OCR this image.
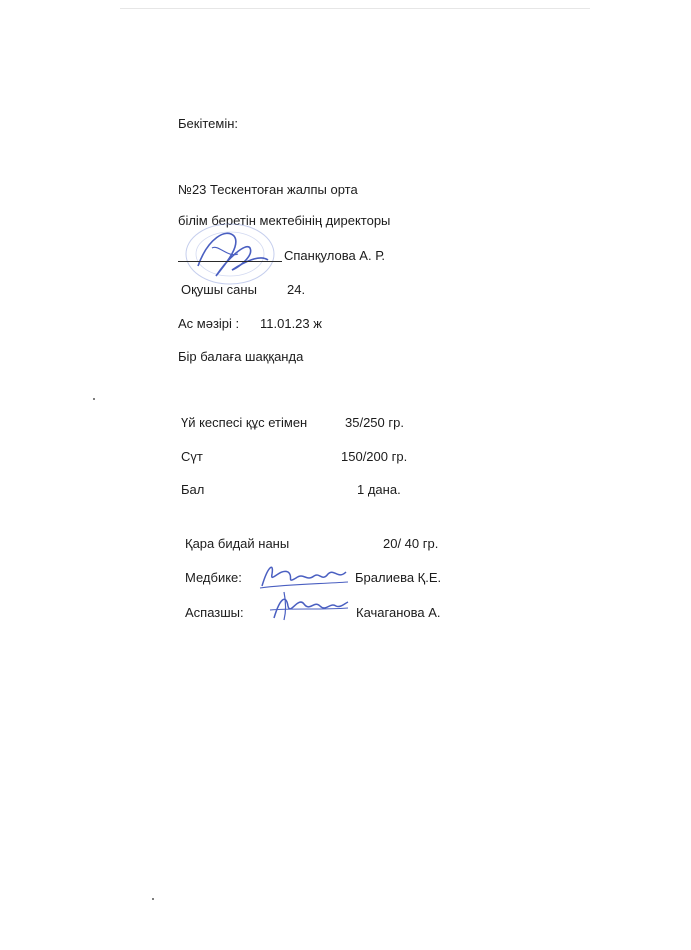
Бекітемін:
№23 Тескентоған жалпы орта
білім беретін мектебінің директоры
Спанқулова А. Р.
Оқушы саны 24.
Ас мәзірі : 11.01.23 ж
Бір балаға шаққанда
Үй кеспесі құс етімен	35/250 гр.
Сүт	150/200 гр.
Бал	1 дана.
Қара бидай наны	20/ 40 гр.
Медбике:	Бралиева Қ.Е.
Аспазшы:	Качаганова А.
